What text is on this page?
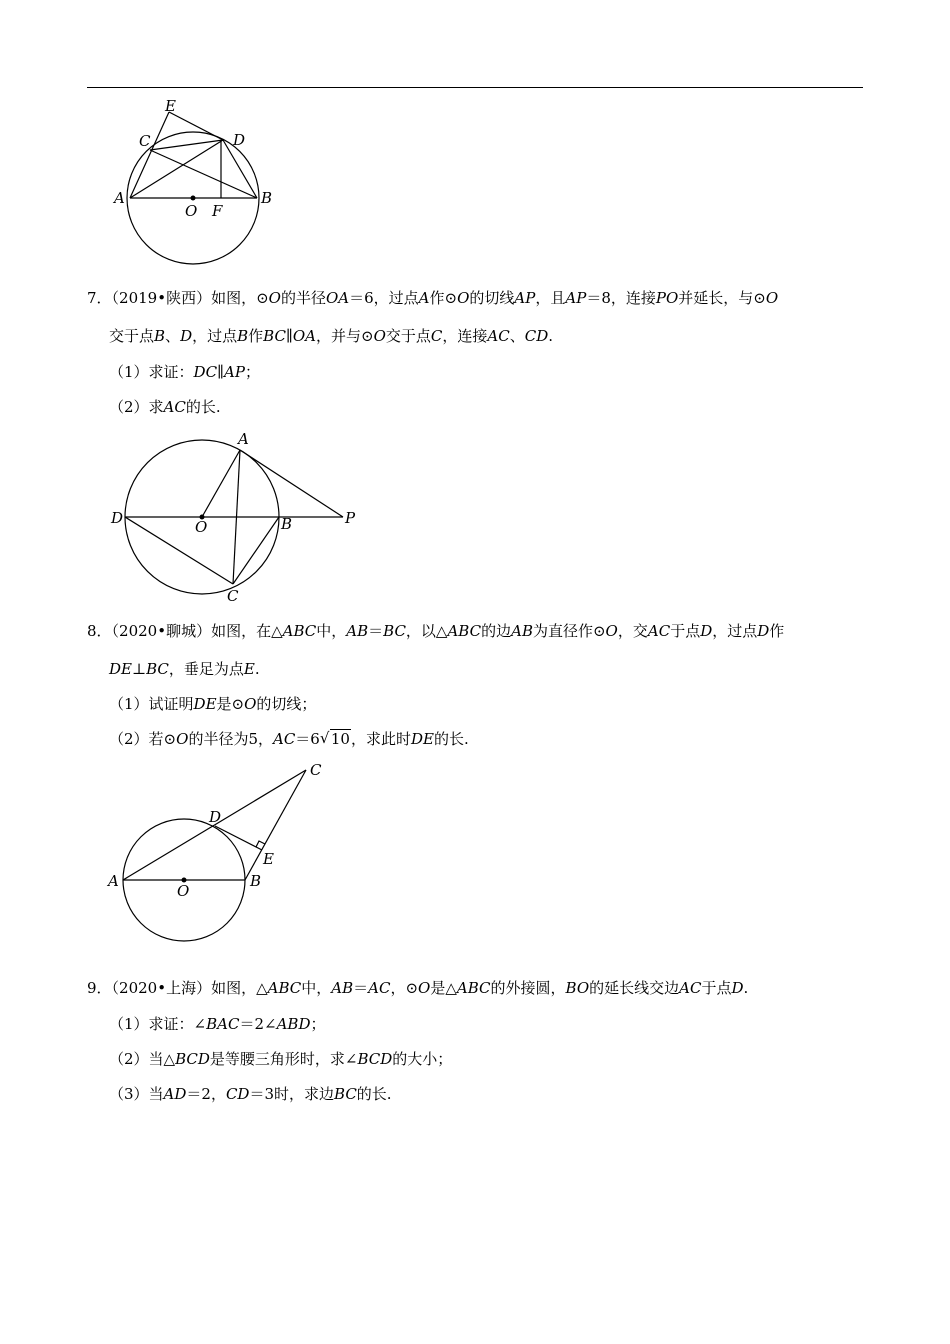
E
C	D
A
O F
B
7．（2019•陕西）如图，⊙O的半径OA＝6，过点A作⊙O的切线AP，且AP＝8，连接PO并延长，与⊙O
交于点B、D，过点B作BC∥OA，并与⊙O交于点C，连接AC、CD.
（1）求证：DC∥AP；
（2）求AC的长.
A
D	O	B	P
C
8．（2020•聊城）如图，在△ABC中，AB＝BC，以△ABC的边AB为直径作⊙O，交AC于点D，过点D作
DE⊥BC，垂足为点E.
（1）试证明DE是⊙O的切线；
（2）若⊙O的半径为5，AC＝6 √ 10，求此时DE的长.
C
D
E
A
O
B
9．（2020•上海）如图，△ABC中，AB＝AC，⊙O是△ABC的外接圆，BO的延长线交边AC于点D.
（1）求证：∠BAC＝2∠ABD；
（2）当△BCD是等腰三角形时，求∠BCD的大小；
（3）当AD＝2，CD＝3时，求边BC的长.
